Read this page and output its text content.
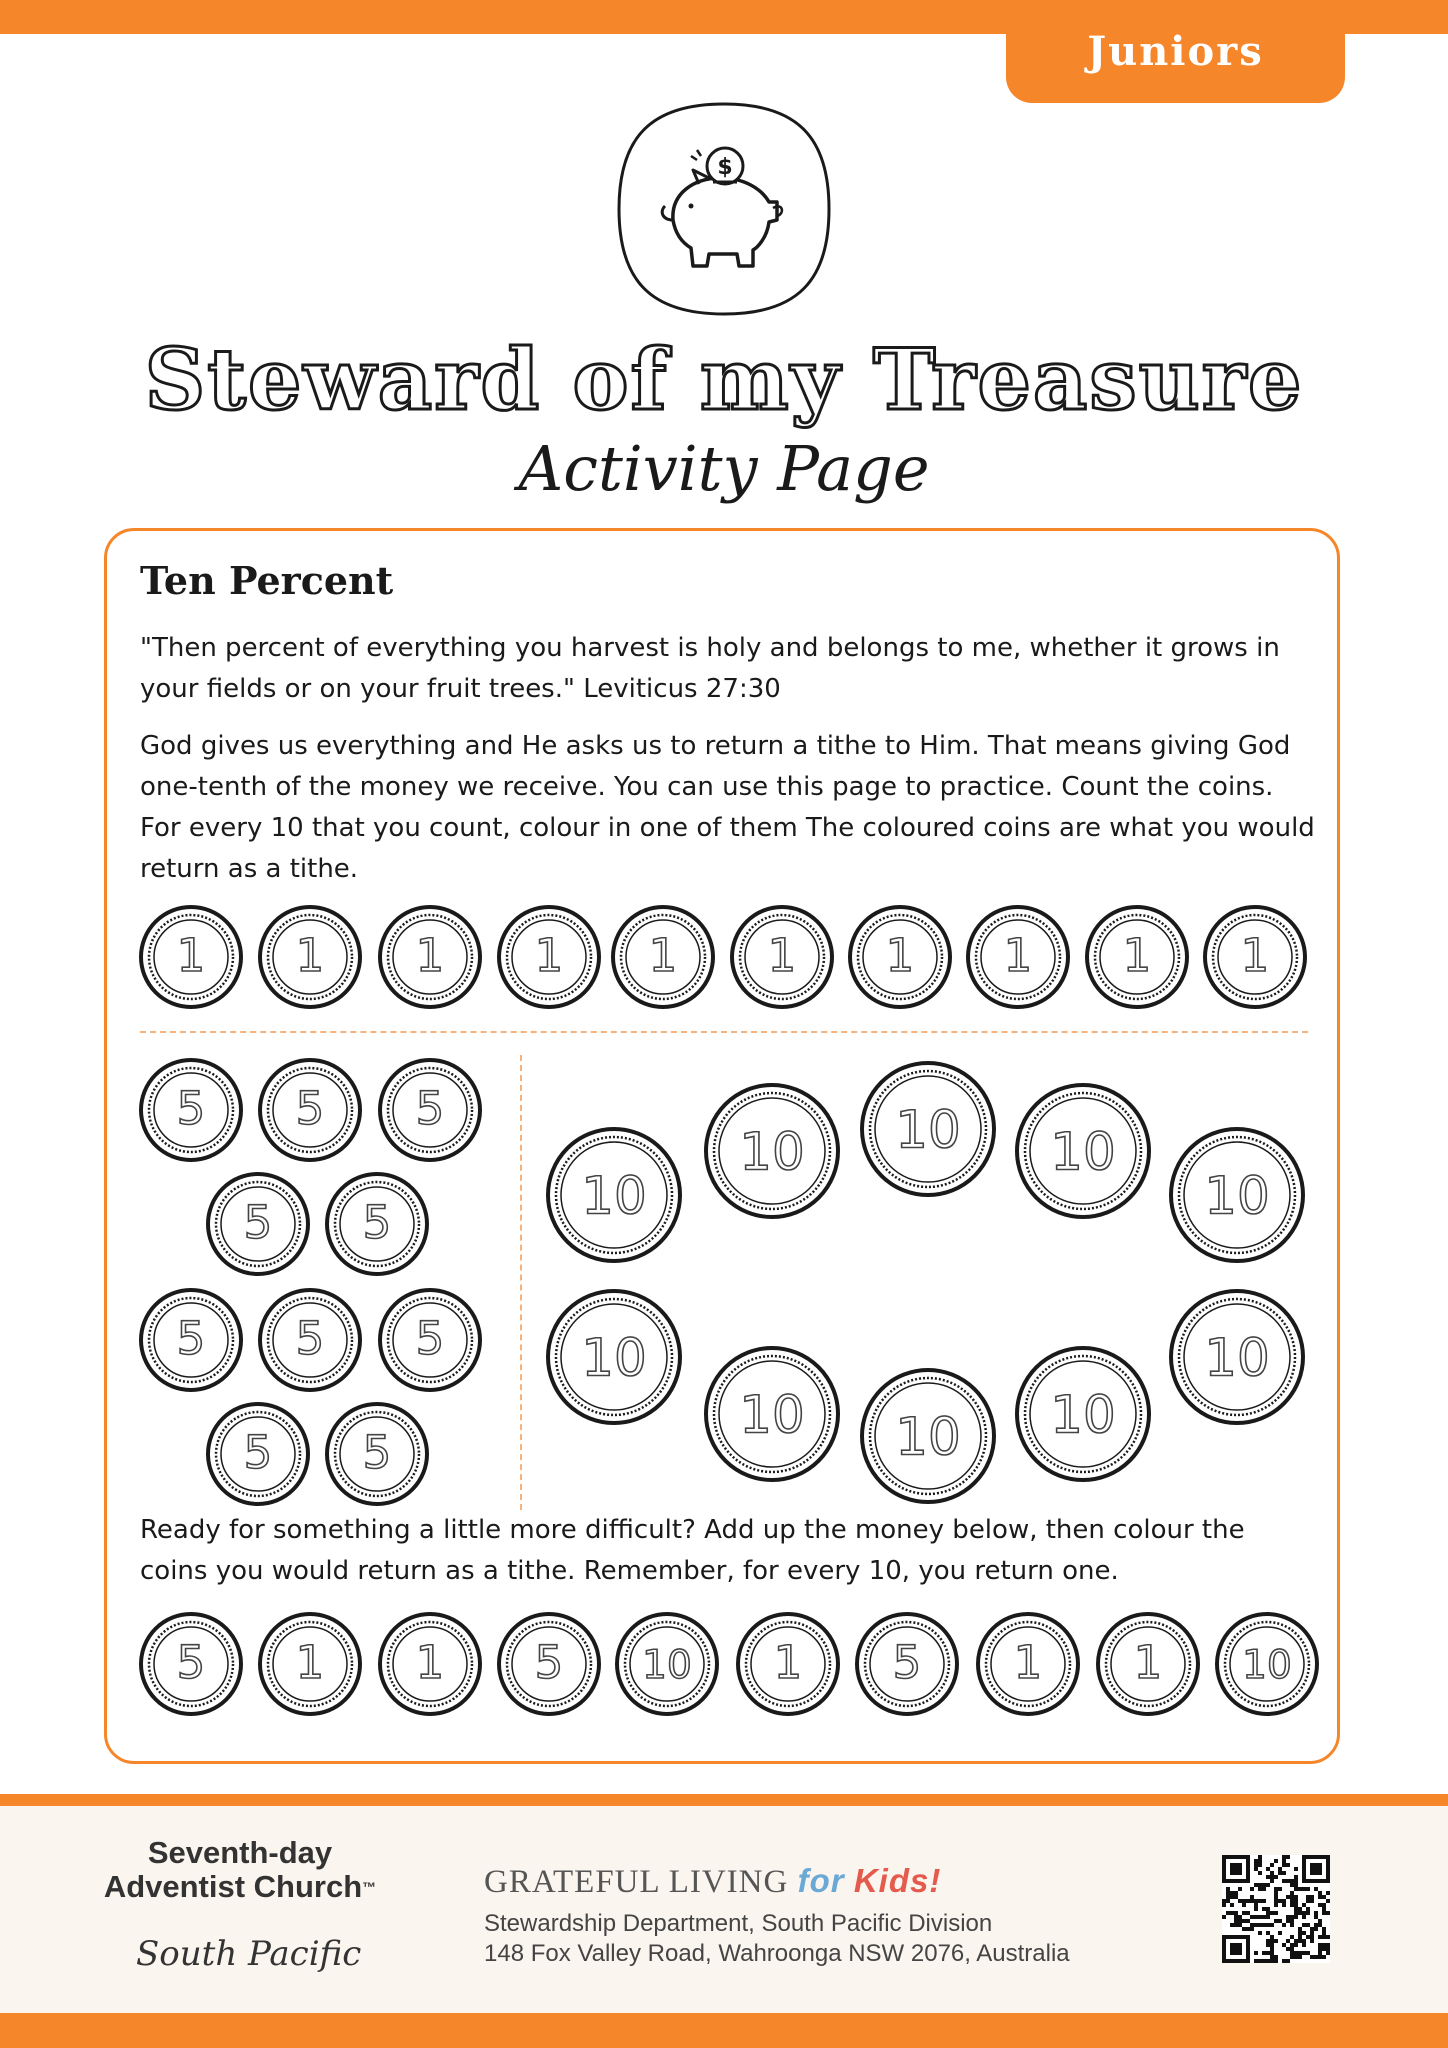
Juniors
$
Steward of my Treasure
Activity Page
Ten Percent
"Then percent of everything you harvest is holy and belongs to me, whether it grows in
your fields or on your fruit trees." Leviticus 27:30
God gives us everything and He asks us to return a tithe to Him. That means giving God
one-tenth of the money we receive. You can use this page to practice. Count the coins.
For every 10 that you count, colour in one of them The coloured coins are what you would
return as a tithe.
Ready for something a little more difficult? Add up the money below, then colour the
coins you would return as a tithe. Remember, for every 10, you return one.
1 1 1 1 1 1 1 1 1 1
5 5 5
5 5
5 5 5
5 5
10
10 10 10
10
10
10 10 10
10
5 1 1 5 10 1 5 1 1 10
Seventh-day
Adventist Church™
South Pacific
GRATEFUL LIVING for Kids!
Stewardship Department, South Pacific Division
148 Fox Valley Road, Wahroonga NSW 2076, Australia
